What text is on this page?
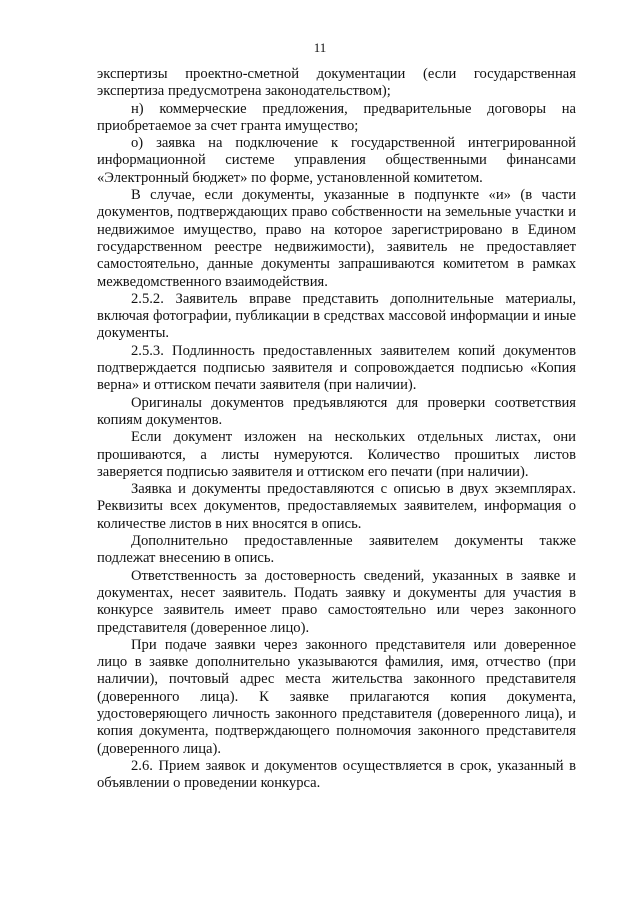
11

экспертизы проектно-сметной документации (если государственная экспертиза предусмотрена законодательством);

н) коммерческие предложения, предварительные договоры на приобретаемое за счет гранта имущество;

о) заявка на подключение к государственной интегрированной информационной системе управления общественными финансами «Электронный бюджет» по форме, установленной комитетом.

В случае, если документы, указанные в подпункте «и» (в части документов, подтверждающих право собственности на земельные участки и недвижимое имущество, право на которое зарегистрировано в Едином государственном реестре недвижимости), заявитель не предоставляет самостоятельно, данные документы запрашиваются комитетом в рамках межведомственного взаимодействия.

2.5.2. Заявитель вправе представить дополнительные материалы, включая фотографии, публикации в средствах массовой информации и иные документы.

2.5.3. Подлинность предоставленных заявителем копий документов подтверждается подписью заявителя и сопровождается подписью «Копия верна» и оттиском печати заявителя (при наличии).

Оригиналы документов предъявляются для проверки соответствия копиям документов.

Если документ изложен на нескольких отдельных листах, они прошиваются, а листы нумеруются. Количество прошитых листов заверяется подписью заявителя и оттиском его печати (при наличии).

Заявка и документы предоставляются с описью в двух экземплярах. Реквизиты всех документов, предоставляемых заявителем, информация о количестве листов в них вносятся в опись.

Дополнительно предоставленные заявителем документы также подлежат внесению в опись.

Ответственность за достоверность сведений, указанных в заявке и документах, несет заявитель. Подать заявку и документы для участия в конкурсе заявитель имеет право самостоятельно или через законного представителя (доверенное лицо).

При подаче заявки через законного представителя или доверенное лицо в заявке дополнительно указываются фамилия, имя, отчество (при наличии), почтовый адрес места жительства законного представителя (доверенного лица). К заявке прилагаются копия документа, удостоверяющего личность законного представителя (доверенного лица), и копия документа, подтверждающего полномочия законного представителя (доверенного лица).

2.6. Прием заявок и документов осуществляется в срок, указанный в объявлении о проведении конкурса.
